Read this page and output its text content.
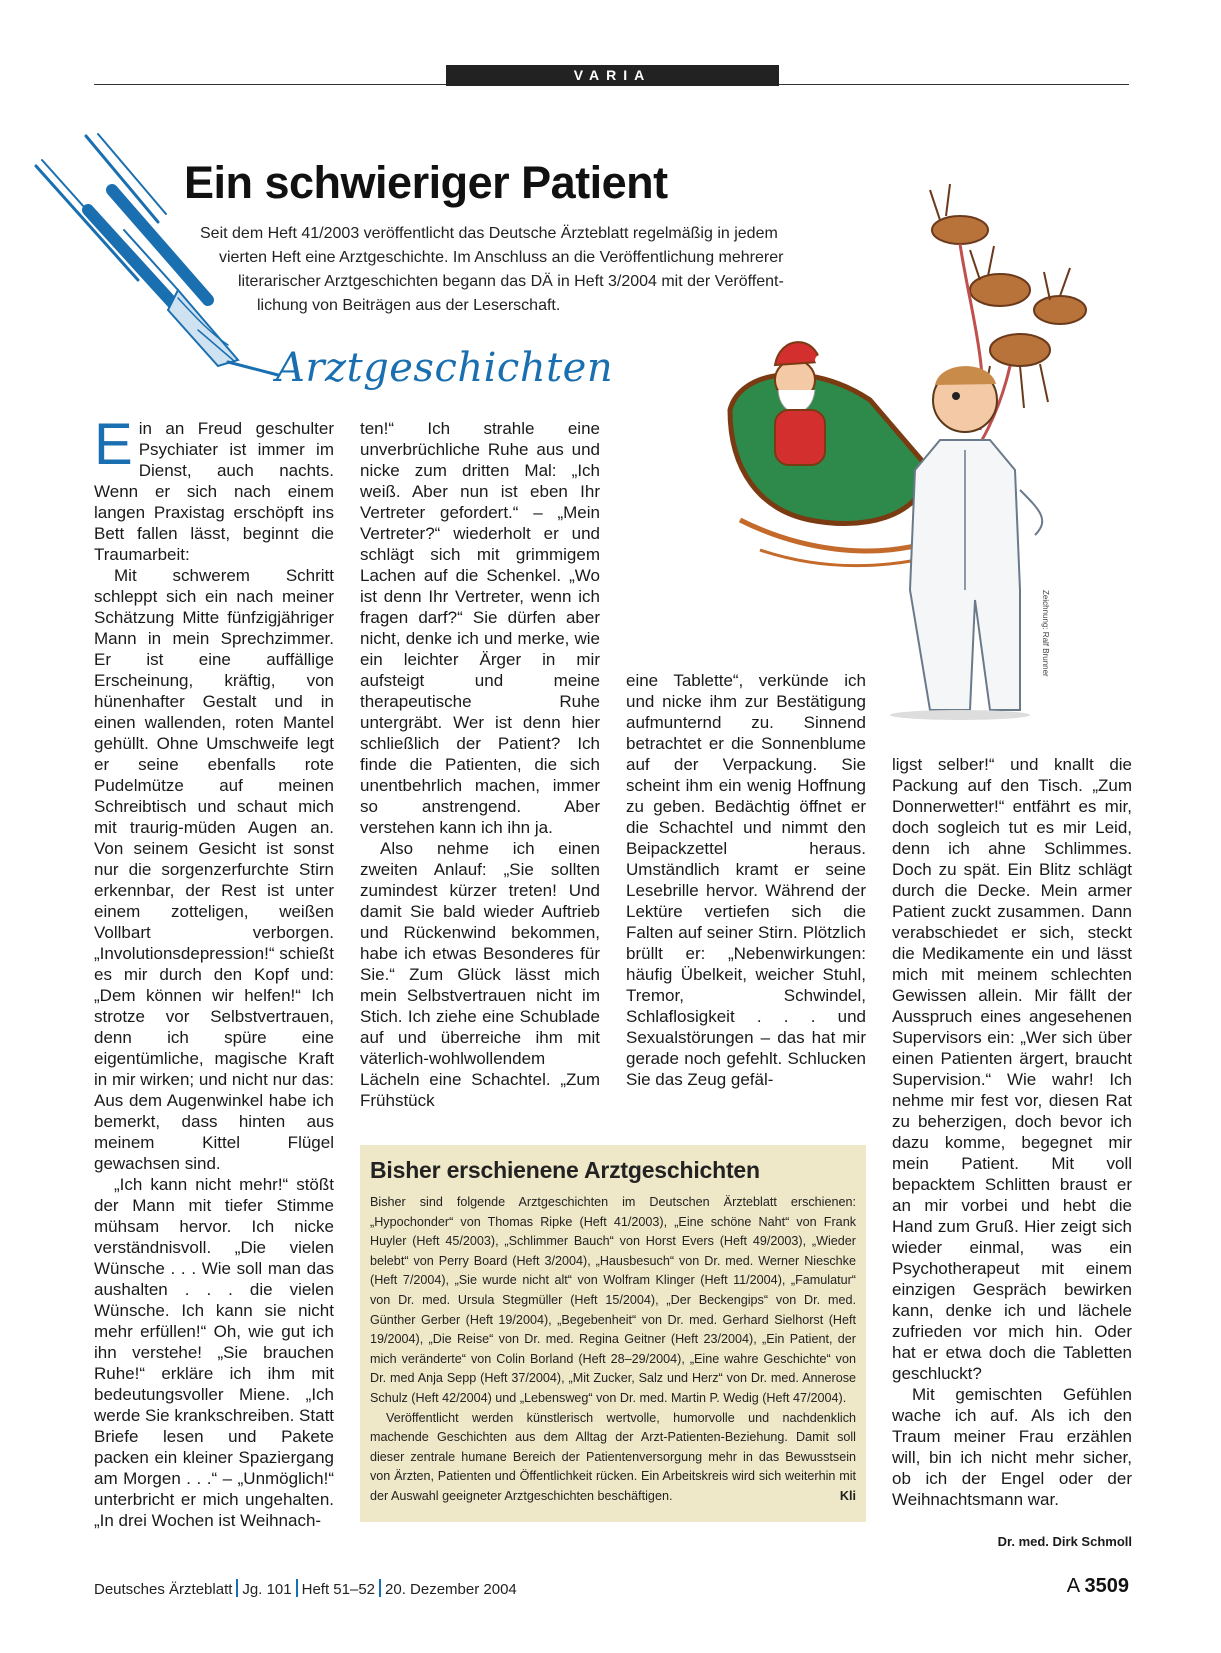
VARIA
Ein schwieriger Patient
Seit dem Heft 41/2003 veröffentlicht das Deutsche Ärzteblatt regelmäßig in jedem
vierten Heft eine Arztgeschichte. Im Anschluss an die Veröffentlichung mehrerer
literarischer Arztgeschichten begann das DÄ in Heft 3/2004 mit der Veröffent-
lichung von Beiträgen aus der Leserschaft.
Arztgeschichten
Zeichnung: Ralf Brunner

Ein an Freud geschulter Psychiater ist immer im Dienst, auch nachts. Wenn er sich nach einem langen Praxistag erschöpft ins Bett fallen lässt, beginnt die Traumarbeit:

Mit schwerem Schritt schleppt sich ein nach meiner Schätzung Mitte fünfzigjähriger Mann in mein Sprechzimmer. Er ist eine auffällige Erscheinung, kräftig, von hünenhafter Gestalt und in einen wallenden, roten Mantel gehüllt. Ohne Umschweife legt er seine ebenfalls rote Pudelmütze auf meinen Schreibtisch und schaut mich mit traurig-müden Augen an. Von seinem Gesicht ist sonst nur die sorgenzerfurchte Stirn erkennbar, der Rest ist unter einem zotteligen, weißen Vollbart verborgen. „Involutionsdepression!“ schießt es mir durch den Kopf und: „Dem können wir helfen!“ Ich strotze vor Selbstvertrauen, denn ich spüre eine eigentümliche, magische Kraft in mir wirken; und nicht nur das: Aus dem Augenwinkel habe ich bemerkt, dass hinten aus meinem Kittel Flügel gewachsen sind.

„Ich kann nicht mehr!“ stößt der Mann mit tiefer Stimme mühsam hervor. Ich nicke verständnisvoll. „Die vielen Wünsche . . . Wie soll man das aushalten . . . die vielen Wünsche. Ich kann sie nicht mehr erfüllen!“ Oh, wie gut ich ihn verstehe! „Sie brauchen Ruhe!“ erkläre ich ihm mit bedeutungsvoller Miene. „Ich werde Sie krankschreiben. Statt Briefe lesen und Pakete packen ein kleiner Spaziergang am Morgen . . .“ – „Unmöglich!“ unterbricht er mich ungehalten. „In drei Wochen ist Weihnach-

ten!“ Ich strahle eine unverbrüchliche Ruhe aus und nicke zum dritten Mal: „Ich weiß. Aber nun ist eben Ihr Vertreter gefordert.“ – „Mein Vertreter?“ wiederholt er und schlägt sich mit grimmigem Lachen auf die Schenkel. „Wo ist denn Ihr Vertreter, wenn ich fragen darf?“ Sie dürfen aber nicht, denke ich und merke, wie ein leichter Ärger in mir aufsteigt und meine therapeutische Ruhe untergräbt. Wer ist denn hier schließlich der Patient? Ich finde die Patienten, die sich unentbehrlich machen, immer so anstrengend. Aber verstehen kann ich ihn ja.

Also nehme ich einen zweiten Anlauf: „Sie sollten zumindest kürzer treten! Und damit Sie bald wieder Auftrieb und Rückenwind bekommen, habe ich etwas Besonderes für Sie.“ Zum Glück lässt mich mein Selbstvertrauen nicht im Stich. Ich ziehe eine Schublade auf und überreiche ihm mit väterlich-wohlwollendem Lächeln eine Schachtel. „Zum Frühstück

eine Tablette“, verkünde ich und nicke ihm zur Bestätigung aufmunternd zu. Sinnend betrachtet er die Sonnenblume auf der Verpackung. Sie scheint ihm ein wenig Hoffnung zu geben. Bedächtig öffnet er die Schachtel und nimmt den Beipackzettel heraus. Umständlich kramt er seine Lesebrille hervor. Während der Lektüre vertiefen sich die Falten auf seiner Stirn. Plötzlich brüllt er: „Nebenwirkungen: häufig Übelkeit, weicher Stuhl, Tremor, Schwindel, Schlaflosigkeit . . . und Sexualstörungen – das hat mir gerade noch gefehlt. Schlucken Sie das Zeug gefäl-

ligst selber!“ und knallt die Packung auf den Tisch. „Zum Donnerwetter!“ entfährt es mir, doch sogleich tut es mir Leid, denn ich ahne Schlimmes. Doch zu spät. Ein Blitz schlägt durch die Decke. Mein armer Patient zuckt zusammen. Dann verabschiedet er sich, steckt die Medikamente ein und lässt mich mit meinem schlechten Gewissen allein. Mir fällt der Ausspruch eines angesehenen Supervisors ein: „Wer sich über einen Patienten ärgert, braucht Supervision.“ Wie wahr! Ich nehme mir fest vor, diesen Rat zu beherzigen, doch bevor ich dazu komme, begegnet mir mein Patient. Mit voll bepacktem Schlitten braust er an mir vorbei und hebt die Hand zum Gruß. Hier zeigt sich wieder einmal, was ein Psychotherapeut mit einem einzigen Gespräch bewirken kann, denke ich und lächele zufrieden vor mich hin. Oder hat er etwa doch die Tabletten geschluckt?

Mit gemischten Gefühlen wache ich auf. Als ich den Traum meiner Frau erzählen will, bin ich nicht mehr sicher, ob ich der Engel oder der Weihnachtsmann war.

Dr. med. Dirk Schmoll
Bisher erschienene Arztgeschichten

Bisher sind folgende Arztgeschichten im Deutschen Ärzteblatt erschienen: „Hypochonder“ von Thomas Ripke (Heft 41/2003), „Eine schöne Naht“ von Frank Huyler (Heft 45/2003), „Schlimmer Bauch“ von Horst Evers (Heft 49/2003), „Wieder belebt“ von Perry Board (Heft 3/2004), „Hausbesuch“ von Dr. med. Werner Nieschke (Heft 7/2004), „Sie wurde nicht alt“ von Wolfram Klinger (Heft 11/2004), „Famulatur“ von Dr. med. Ursula Stegmüller (Heft 15/2004), „Der Beckengips“ von Dr. med. Günther Gerber (Heft 19/2004), „Begebenheit“ von Dr. med. Gerhard Sielhorst (Heft 19/2004), „Die Reise“ von Dr. med. Regina Geitner (Heft 23/2004), „Ein Patient, der mich veränderte“ von Colin Borland (Heft 28–29/2004), „Eine wahre Geschichte“ von Dr. med Anja Sepp (Heft 37/2004), „Mit Zucker, Salz und Herz“ von Dr. med. Annerose Schulz (Heft 42/2004) und „Lebensweg“ von Dr. med. Martin P. Wedig (Heft 47/2004).

Veröffentlicht werden künstlerisch wertvolle, humorvolle und nachdenklich machende Geschichten aus dem Alltag der Arzt-Patienten-Beziehung. Damit soll dieser zentrale humane Bereich der Patientenversorgung mehr in das Bewusstsein von Ärzten, Patienten und Öffentlichkeit rücken. Ein Arbeitskreis wird sich weiterhin mit der Auswahl geeigneter Arztgeschichten beschäftigen.	Kli

Deutsches Ärzteblatt Jg. 101 Heft 51–52 20. Dezember 2004	A 3509
